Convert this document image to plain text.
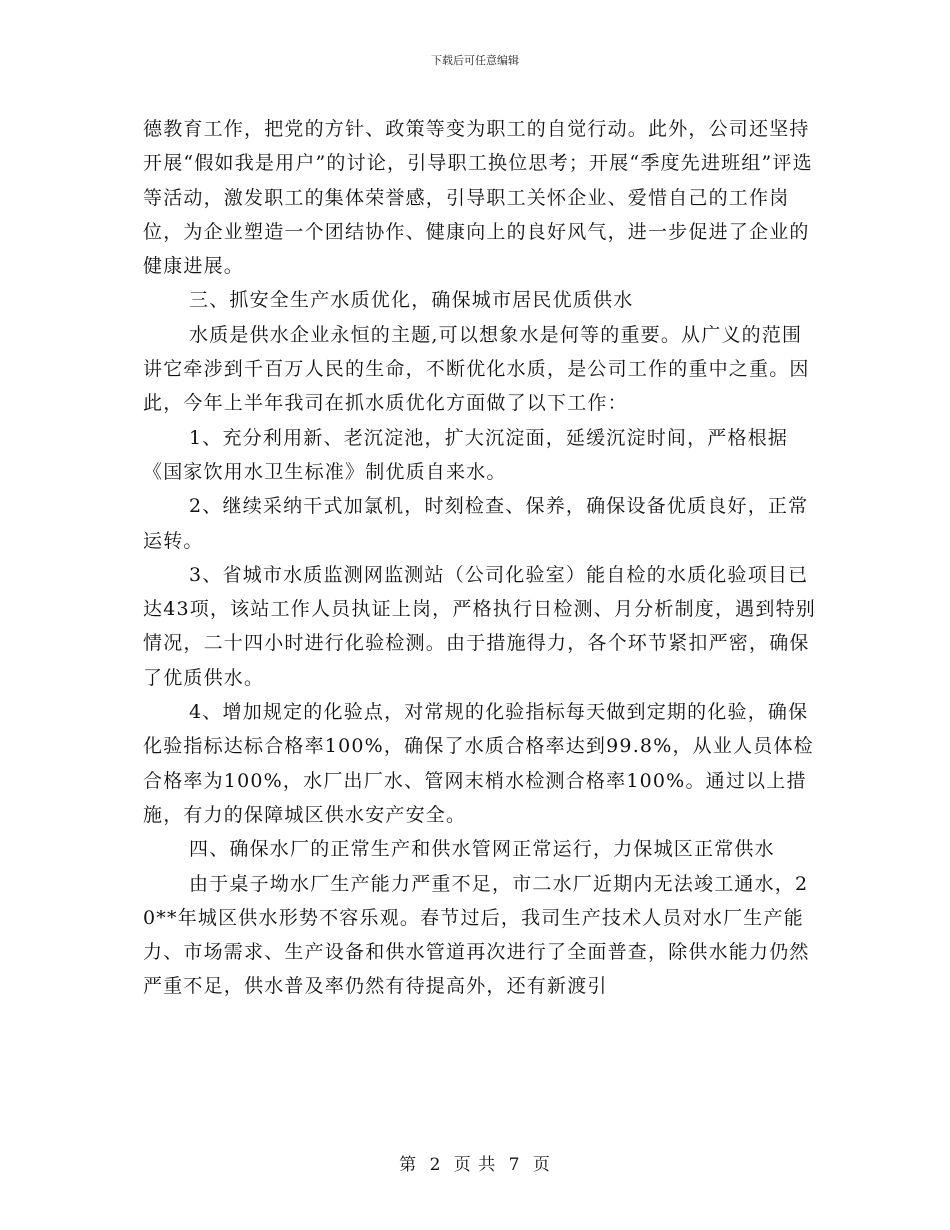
下载后可任意编辑

德教育工作，把党的方针、政策等变为职工的自觉行动。此外，公司还坚持开展“假如我是用户”的讨论，引导职工换位思考；开展“季度先进班组”评选等活动，激发职工的集体荣誉感，引导职工关怀企业、爱惜自己的工作岗位，为企业塑造一个团结协作、健康向上的良好风气，进一步促进了企业的健康进展。

三、抓安全生产水质优化，确保城市居民优质供水

水质是供水企业永恒的主题,可以想象水是何等的重要。从广义的范围讲它牵涉到千百万人民的生命，不断优化水质，是公司工作的重中之重。因此，今年上半年我司在抓水质优化方面做了以下工作：

1、充分利用新、老沉淀池，扩大沉淀面，延缓沉淀时间，严格根据《国家饮用水卫生标准》制优质自来水。

2、继续采纳干式加氯机，时刻检查、保养，确保设备优质良好，正常运转。

3、省城市水质监测网监测站（公司化验室）能自检的水质化验项目已达43项，该站工作人员执证上岗，严格执行日检测、月分析制度，遇到特别情况，二十四小时进行化验检测。由于措施得力，各个环节紧扣严密，确保了优质供水。

4、增加规定的化验点，对常规的化验指标每天做到定期的化验，确保化验指标达标合格率100%，确保了水质合格率达到99.8%，从业人员体检合格率为100%，水厂出厂水、管网末梢水检测合格率100%。通过以上措施，有力的保障城区供水安产安全。

四、确保水厂的正常生产和供水管网正常运行，力保城区正常供水

由于桌子坳水厂生产能力严重不足，市二水厂近期内无法竣工通水，20**年城区供水形势不容乐观。春节过后，我司生产技术人员对水厂生产能力、市场需求、生产设备和供水管道再次进行了全面普查，除供水能力仍然严重不足，供水普及率仍然有待提高外，还有新渡引

第 2 页 共 7 页
